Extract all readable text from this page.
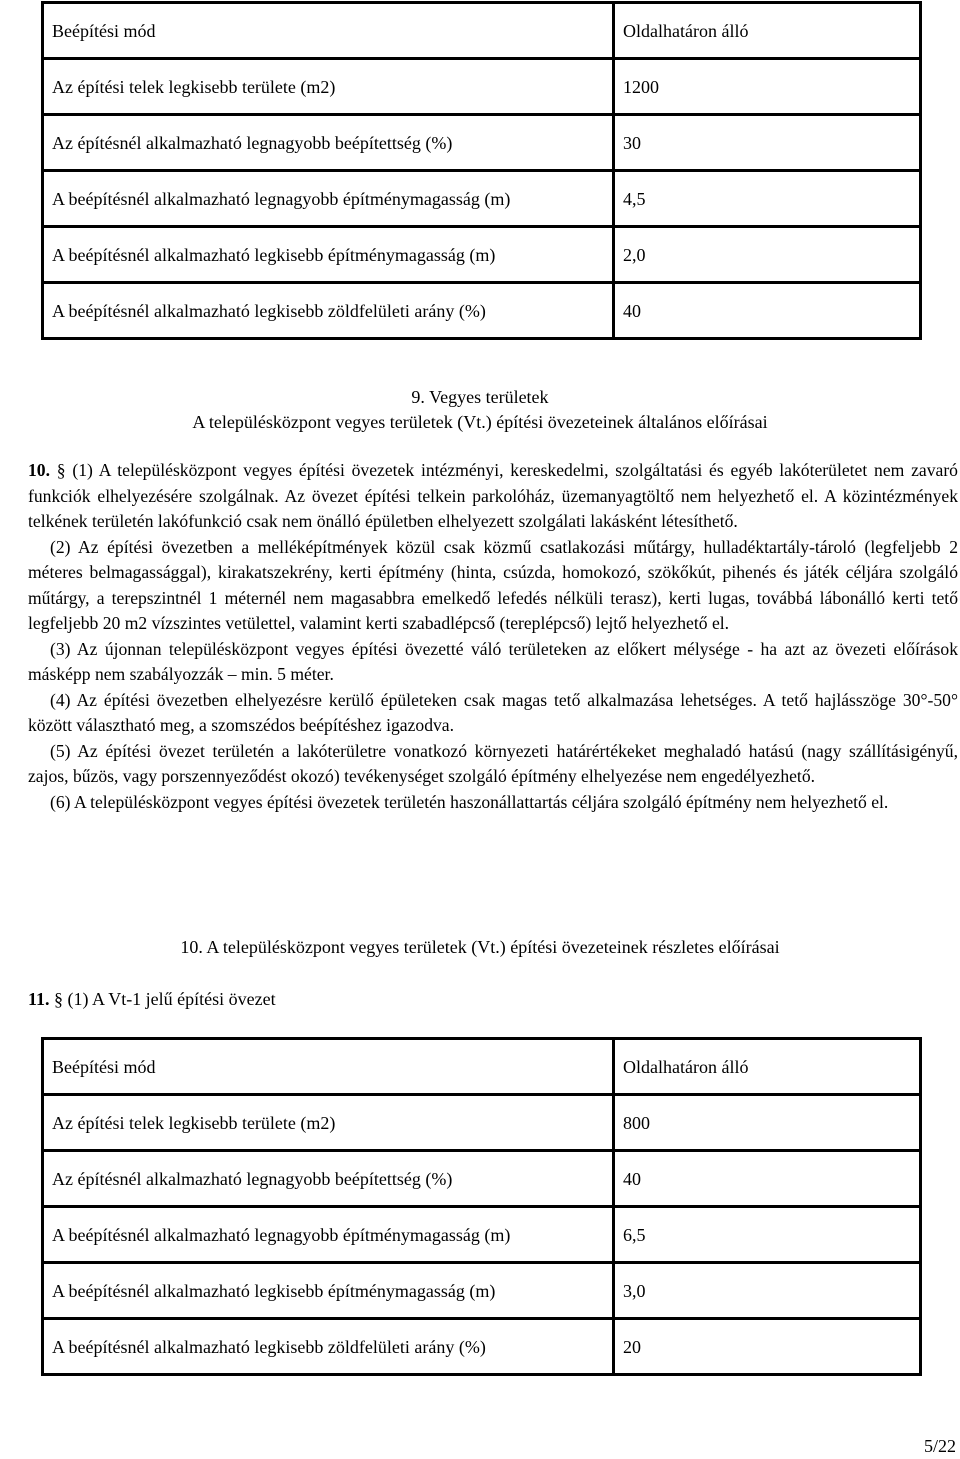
Beépítési mód	Oldalhatáron álló
Az építési telek legkisebb területe (m2)	1200
Az építésnél alkalmazható legnagyobb beépítettség (%)	30
A beépítésnél alkalmazható legnagyobb építménymagasság (m)	4,5
A beépítésnél alkalmazható legkisebb építménymagasság (m)	2,0
A beépítésnél alkalmazható legkisebb zöldfelületi arány (%)	40
9. Vegyes területek
A településközpont vegyes területek (Vt.) építési övezeteinek általános előírásai

10. § (1) A településközpont vegyes építési övezetek intézményi, kereskedelmi, szolgáltatási és egyéb lakóterületet nem zavaró funkciók elhelyezésére szolgálnak. Az övezet építési telkein parkolóház, üzemanyagtöltő nem helyezhető el. A közintézmények telkének területén lakófunkció csak nem önálló épületben elhelyezett szolgálati lakásként létesíthető.

(2) Az építési övezetben a melléképítmények közül csak közmű csatlakozási műtárgy, hulladéktartály-tároló (legfeljebb 2 méteres belmagassággal), kirakatszekrény, kerti építmény (hinta, csúzda, homokozó, szökőkút, pihenés és játék céljára szolgáló műtárgy, a terepszintnél 1 méternél nem magasabbra emelkedő lefedés nélküli terasz), kerti lugas, továbbá lábonálló kerti tető legfeljebb 20 m2 vízszintes vetülettel, valamint kerti szabadlépcső (tereplépcső) lejtő helyezhető el.

(3) Az újonnan településközpont vegyes építési övezetté váló területeken az előkert mélysége - ha azt az övezeti előírások másképp nem szabályozzák – min. 5 méter.

(4) Az építési övezetben elhelyezésre kerülő épületeken csak magas tető alkalmazása lehetséges. A tető hajlásszöge 30°-50° között választható meg, a szomszédos beépítéshez igazodva.

(5) Az építési övezet területén a lakóterületre vonatkozó környezeti határértékeket meghaladó hatású (nagy szállításigényű, zajos, bűzös, vagy porszennyeződést okozó) tevékenységet szolgáló építmény elhelyezése nem engedélyezhető.

(6) A településközpont vegyes építési övezetek területén haszonállattartás céljára szolgáló építmény nem helyezhető el.

10. A településközpont vegyes területek (Vt.) építési övezeteinek részletes előírásai
11. § (1) A Vt-1 jelű építési övezet
Beépítési mód	Oldalhatáron álló
Az építési telek legkisebb területe (m2)	800
Az építésnél alkalmazható legnagyobb beépítettség (%)	40
A beépítésnél alkalmazható legnagyobb építménymagasság (m)	6,5
A beépítésnél alkalmazható legkisebb építménymagasság (m)	3,0
A beépítésnél alkalmazható legkisebb zöldfelületi arány (%)	20
5/22
